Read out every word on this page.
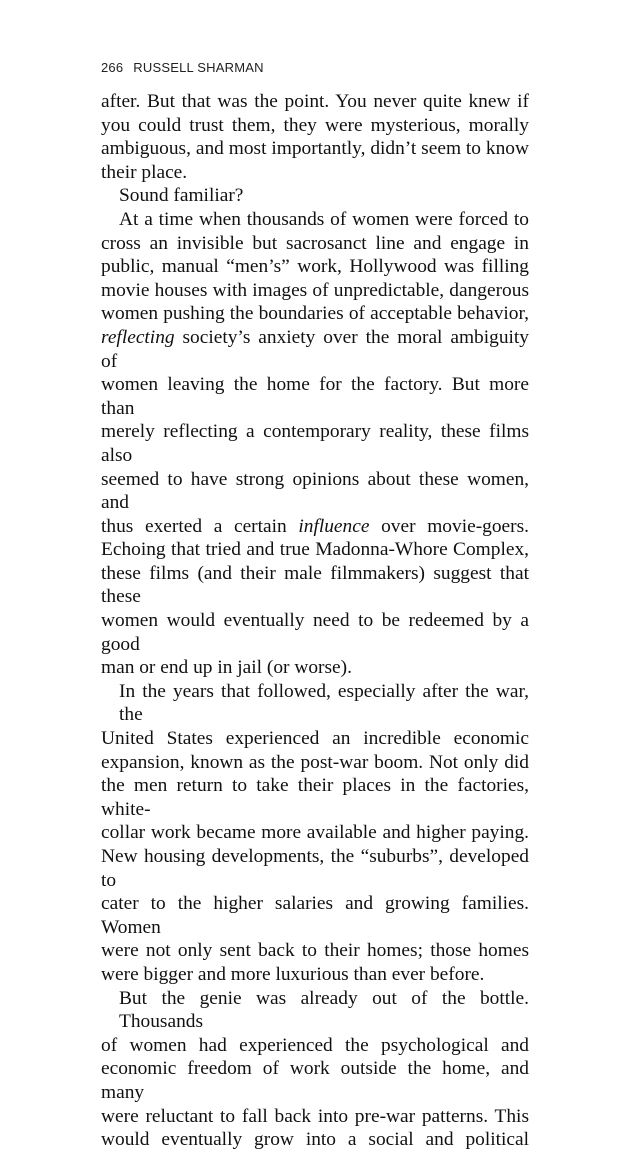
266 RUSSELL SHARMAN
after. But that was the point. You never quite knew if
you could trust them, they were mysterious, morally
ambiguous, and most importantly, didn’t seem to know
their place.
Sound familiar?
At a time when thousands of women were forced to
cross an invisible but sacrosanct line and engage in
public, manual “men’s” work, Hollywood was filling
movie houses with images of unpredictable, dangerous
women pushing the boundaries of acceptable behavior,
reflecting society’s anxiety over the moral ambiguity of
women leaving the home for the factory. But more than
merely reflecting a contemporary reality, these films also
seemed to have strong opinions about these women, and
thus exerted a certain influence over movie-goers.
Echoing that tried and true Madonna-Whore Complex,
these films (and their male filmmakers) suggest that these
women would eventually need to be redeemed by a good
man or end up in jail (or worse).
In the years that followed, especially after the war, the
United States experienced an incredible economic
expansion, known as the post-war boom. Not only did
the men return to take their places in the factories, white-
collar work became more available and higher paying.
New housing developments, the “suburbs”, developed to
cater to the higher salaries and growing families. Women
were not only sent back to their homes; those homes
were bigger and more luxurious than ever before.
But the genie was already out of the bottle. Thousands
of women had experienced the psychological and
economic freedom of work outside the home, and many
were reluctant to fall back into pre-war patterns. This
would eventually grow into a social and political
